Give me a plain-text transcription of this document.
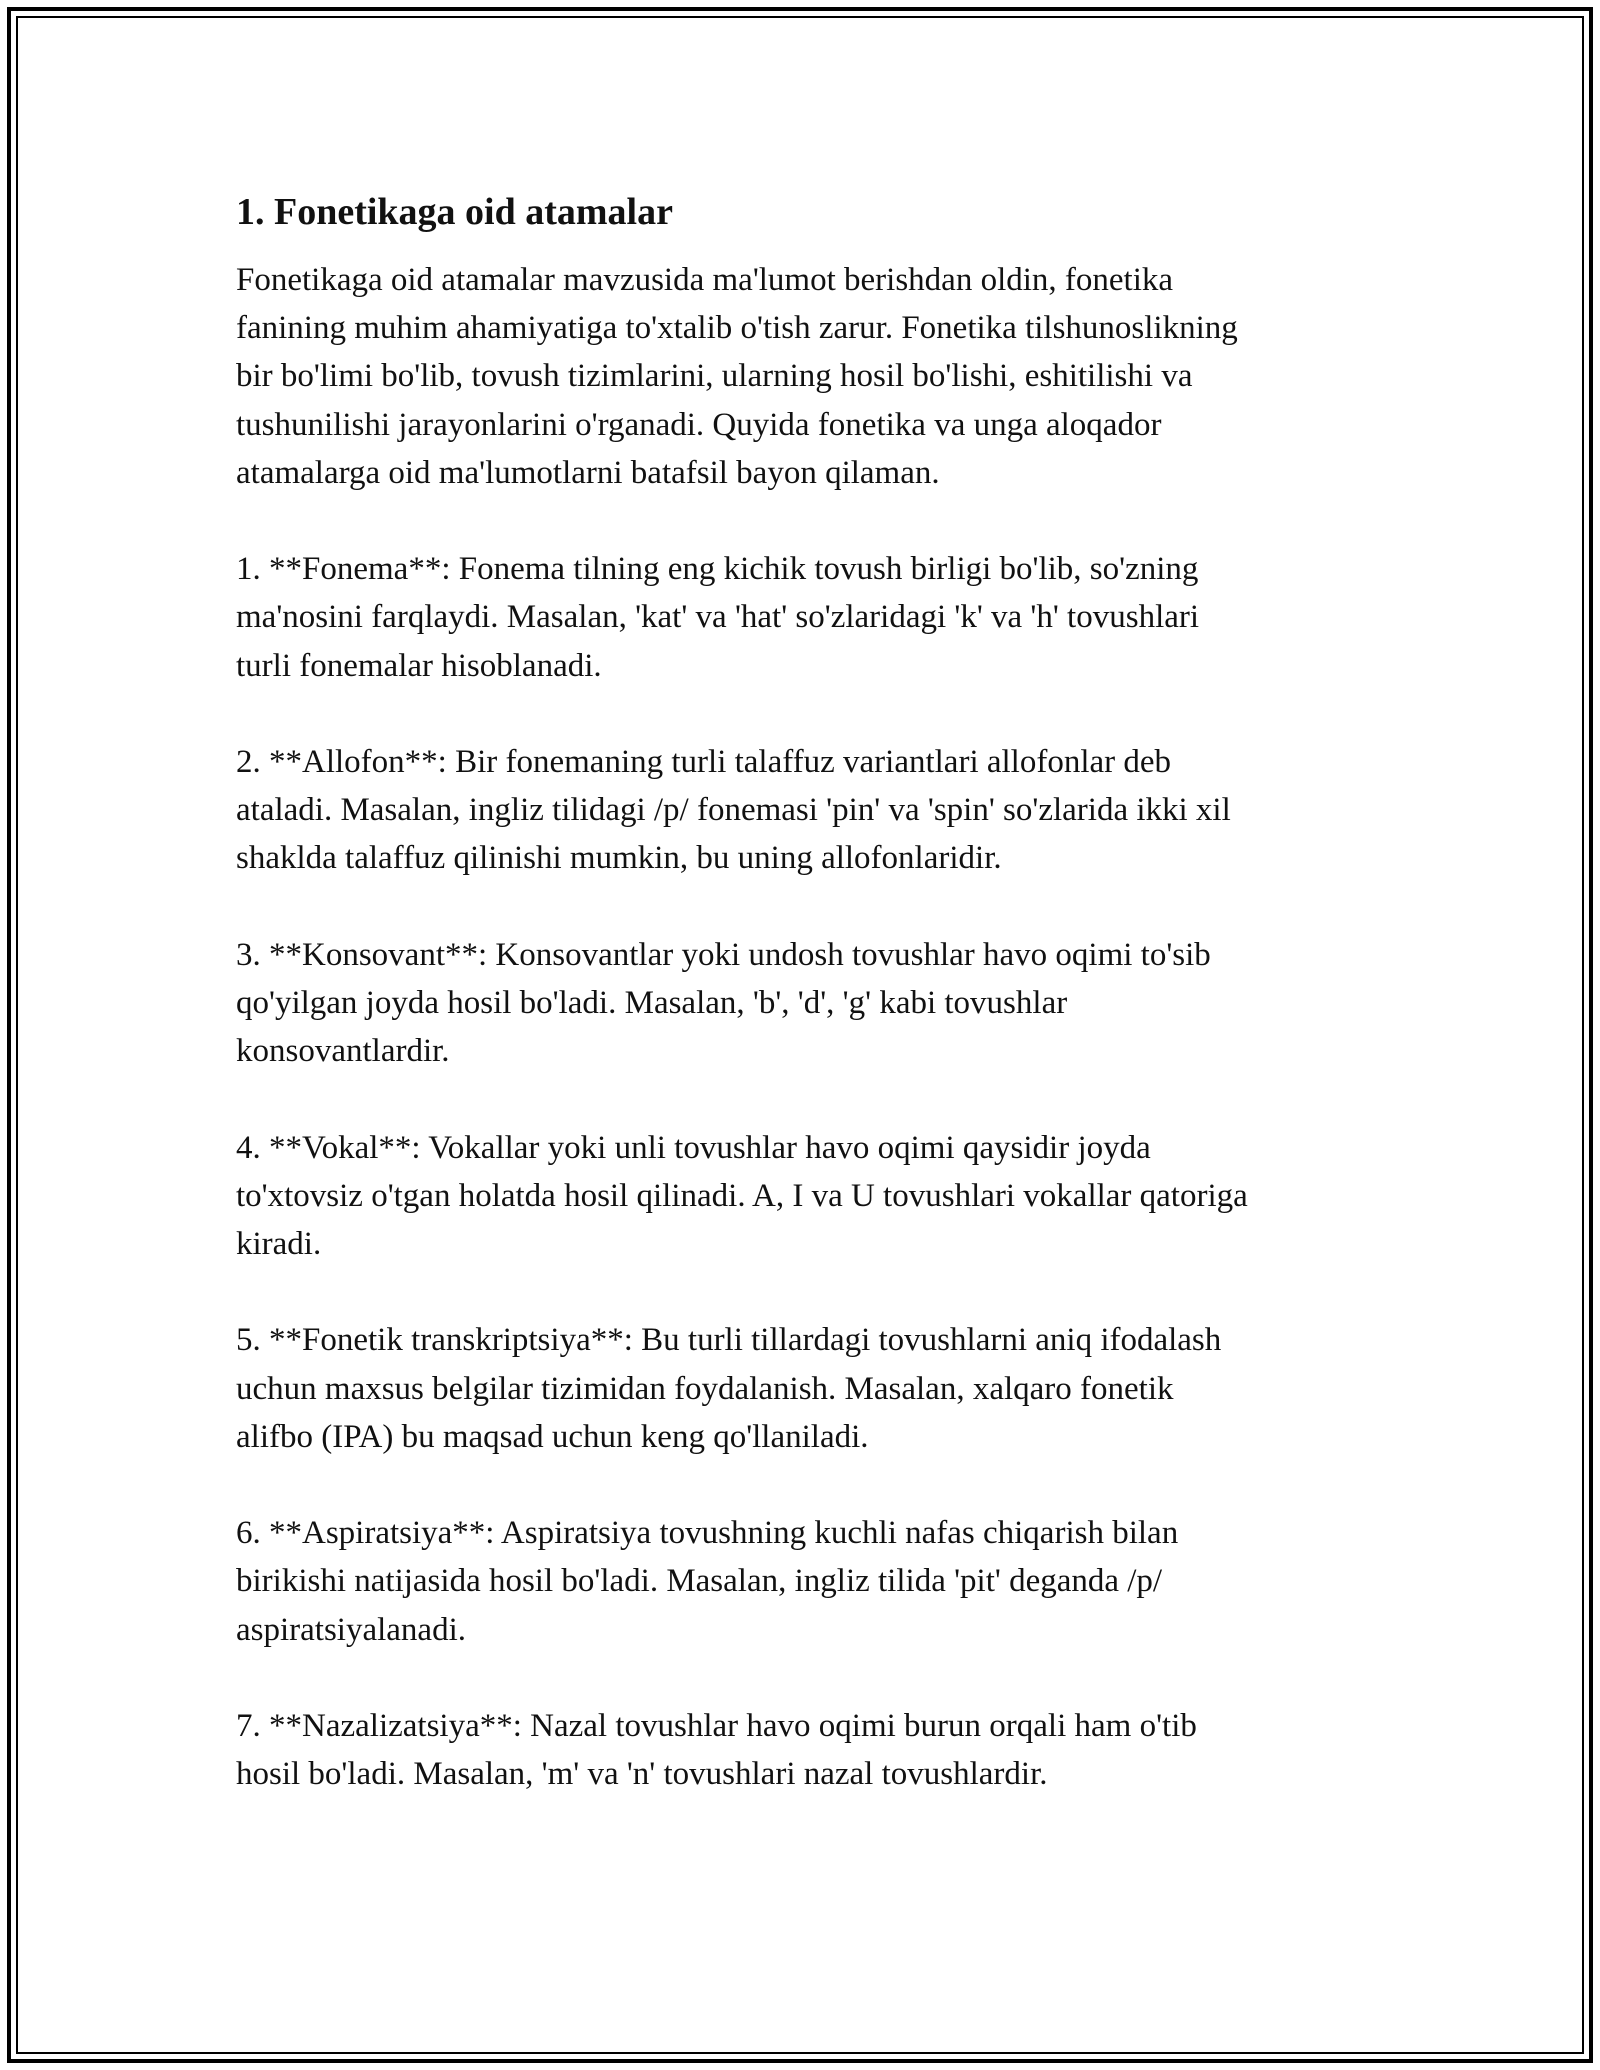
1. Fonetikaga oid atamalar

Fonetikaga oid atamalar mavzusida ma'lumot berishdan oldin, fonetika
fanining muhim ahamiyatiga to'xtalib o'tish zarur. Fonetika tilshunoslikning
bir bo'limi bo'lib, tovush tizimlarini, ularning hosil bo'lishi, eshitilishi va
tushunilishi jarayonlarini o'rganadi. Quyida fonetika va unga aloqador
atamalarga oid ma'lumotlarni batafsil bayon qilaman.

1. **Fonema**: Fonema tilning eng kichik tovush birligi bo'lib, so'zning
ma'nosini farqlaydi. Masalan, 'kat' va 'hat' so'zlaridagi 'k' va 'h' tovushlari
turli fonemalar hisoblanadi.

2. **Allofon**: Bir fonemaning turli talaffuz variantlari allofonlar deb
ataladi. Masalan, ingliz tilidagi /p/ fonemasi 'pin' va 'spin' so'zlarida ikki xil
shaklda talaffuz qilinishi mumkin, bu uning allofonlaridir.

3. **Konsovant**: Konsovantlar yoki undosh tovushlar havo oqimi to'sib
qo'yilgan joyda hosil bo'ladi. Masalan, 'b', 'd', 'g' kabi tovushlar
konsovantlardir.

4. **Vokal**: Vokallar yoki unli tovushlar havo oqimi qaysidir joyda
to'xtovsiz o'tgan holatda hosil qilinadi. A, I va U tovushlari vokallar qatoriga
kiradi.

5. **Fonetik transkriptsiya**: Bu turli tillardagi tovushlarni aniq ifodalash
uchun maxsus belgilar tizimidan foydalanish. Masalan, xalqaro fonetik
alifbo (IPA) bu maqsad uchun keng qo'llaniladi.

6. **Aspiratsiya**: Aspiratsiya tovushning kuchli nafas chiqarish bilan
birikishi natijasida hosil bo'ladi. Masalan, ingliz tilida 'pit' deganda /p/
aspiratsiyalanadi.

7. **Nazalizatsiya**: Nazal tovushlar havo oqimi burun orqali ham o'tib
hosil bo'ladi. Masalan, 'm' va 'n' tovushlari nazal tovushlardir.
